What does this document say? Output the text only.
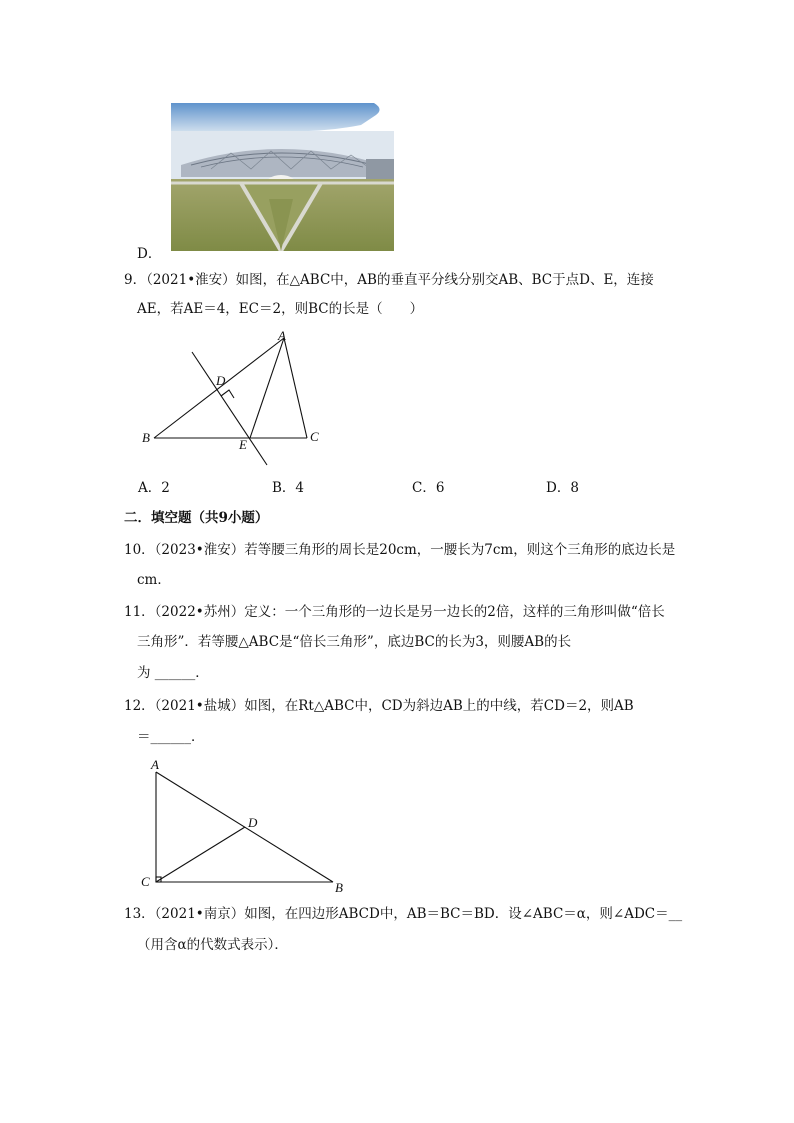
D．
9．（2021•淮安）如图，在△ABC中，AB的垂直平分线分别交AB、BC于点D、E，连接
AE，若AE＝4，EC＝2，则BC的长是（　　）
A
B	C
D
E
A．2	B．4	C．6	D．8
二．填空题（共9小题）
10．（2023•淮安）若等腰三角形的周长是20cm，一腰长为7cm，则这个三角形的底边长是
cm．
11．（2022•苏州）定义：一个三角形的一边长是另一边长的2倍，这样的三角形叫做“倍长
三角形”．若等腰△ABC是“倍长三角形”，底边BC的长为3，则腰AB的长
为 ______．
12．（2021•盐城）如图，在Rt△ABC中，CD为斜边AB上的中线，若CD＝2，则AB
＝______．
A
C	B
D
13．（2021•南京）如图，在四边形ABCD中，AB＝BC＝BD．设∠ABC＝α，则∠ADC＝__
（用含α的代数式表示）．
